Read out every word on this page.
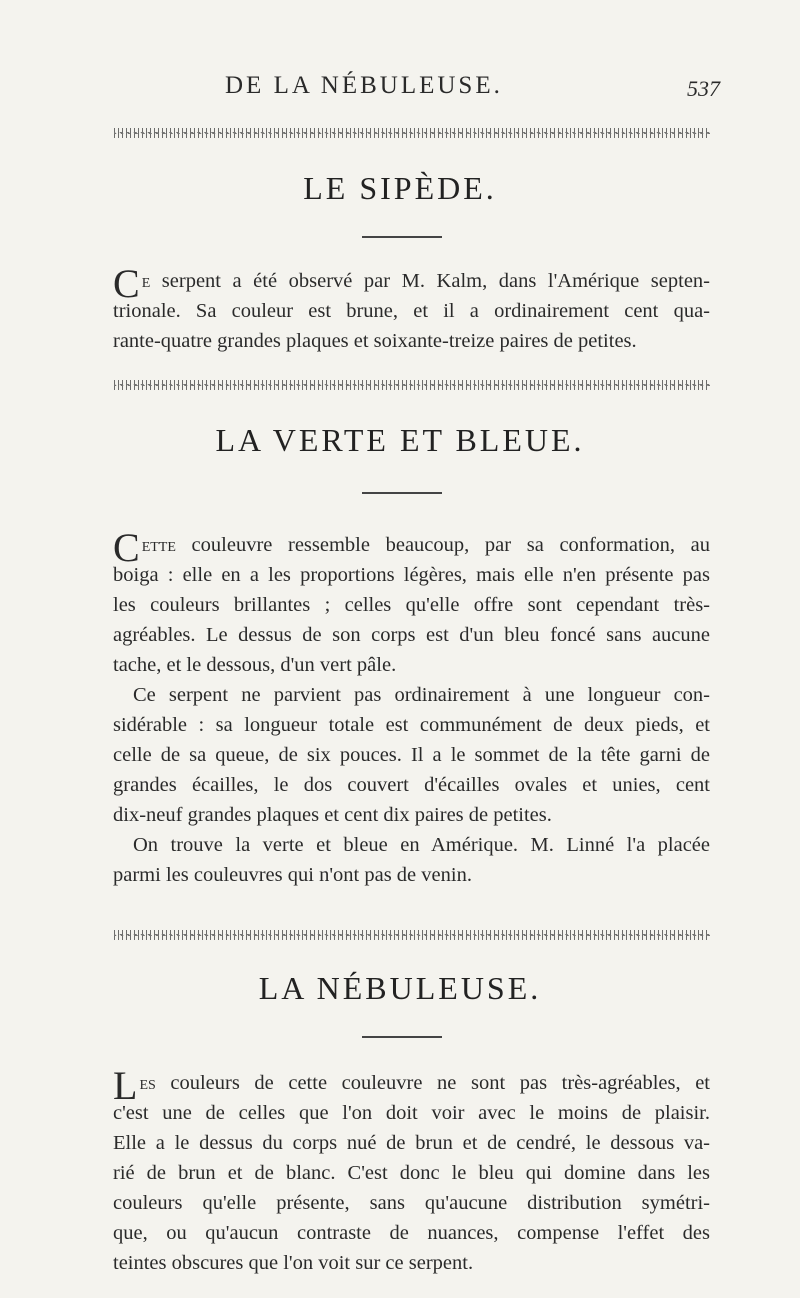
DE LA NÉBULEUSE.	537
LE SIPÈDE.
Ce serpent a été observé par M. Kalm, dans l'Amérique septen-
trionale. Sa couleur est brune, et il a ordinairement cent qua-
rante-quatre grandes plaques et soixante-treize paires de petites.
LA VERTE ET BLEUE.
Cette couleuvre ressemble beaucoup, par sa conformation, au
boiga : elle en a les proportions légères, mais elle n'en présente pas
les couleurs brillantes ; celles qu'elle offre sont cependant très-
agréables. Le dessus de son corps est d'un bleu foncé sans aucune
tache, et le dessous, d'un vert pâle.
Ce serpent ne parvient pas ordinairement à une longueur con-
sidérable : sa longueur totale est communément de deux pieds, et
celle de sa queue, de six pouces. Il a le sommet de la tête garni de
grandes écailles, le dos couvert d'écailles ovales et unies, cent
dix-neuf grandes plaques et cent dix paires de petites.
On trouve la verte et bleue en Amérique. M. Linné l'a placée
parmi les couleuvres qui n'ont pas de venin.
LA NÉBULEUSE.
Les couleurs de cette couleuvre ne sont pas très-agréables, et
c'est une de celles que l'on doit voir avec le moins de plaisir.
Elle a le dessus du corps nué de brun et de cendré, le dessous va-
rié de brun et de blanc. C'est donc le bleu qui domine dans les
couleurs qu'elle présente, sans qu'aucune distribution symétri-
que, ou qu'aucun contraste de nuances, compense l'effet des
teintes obscures que l'on voit sur ce serpent.
